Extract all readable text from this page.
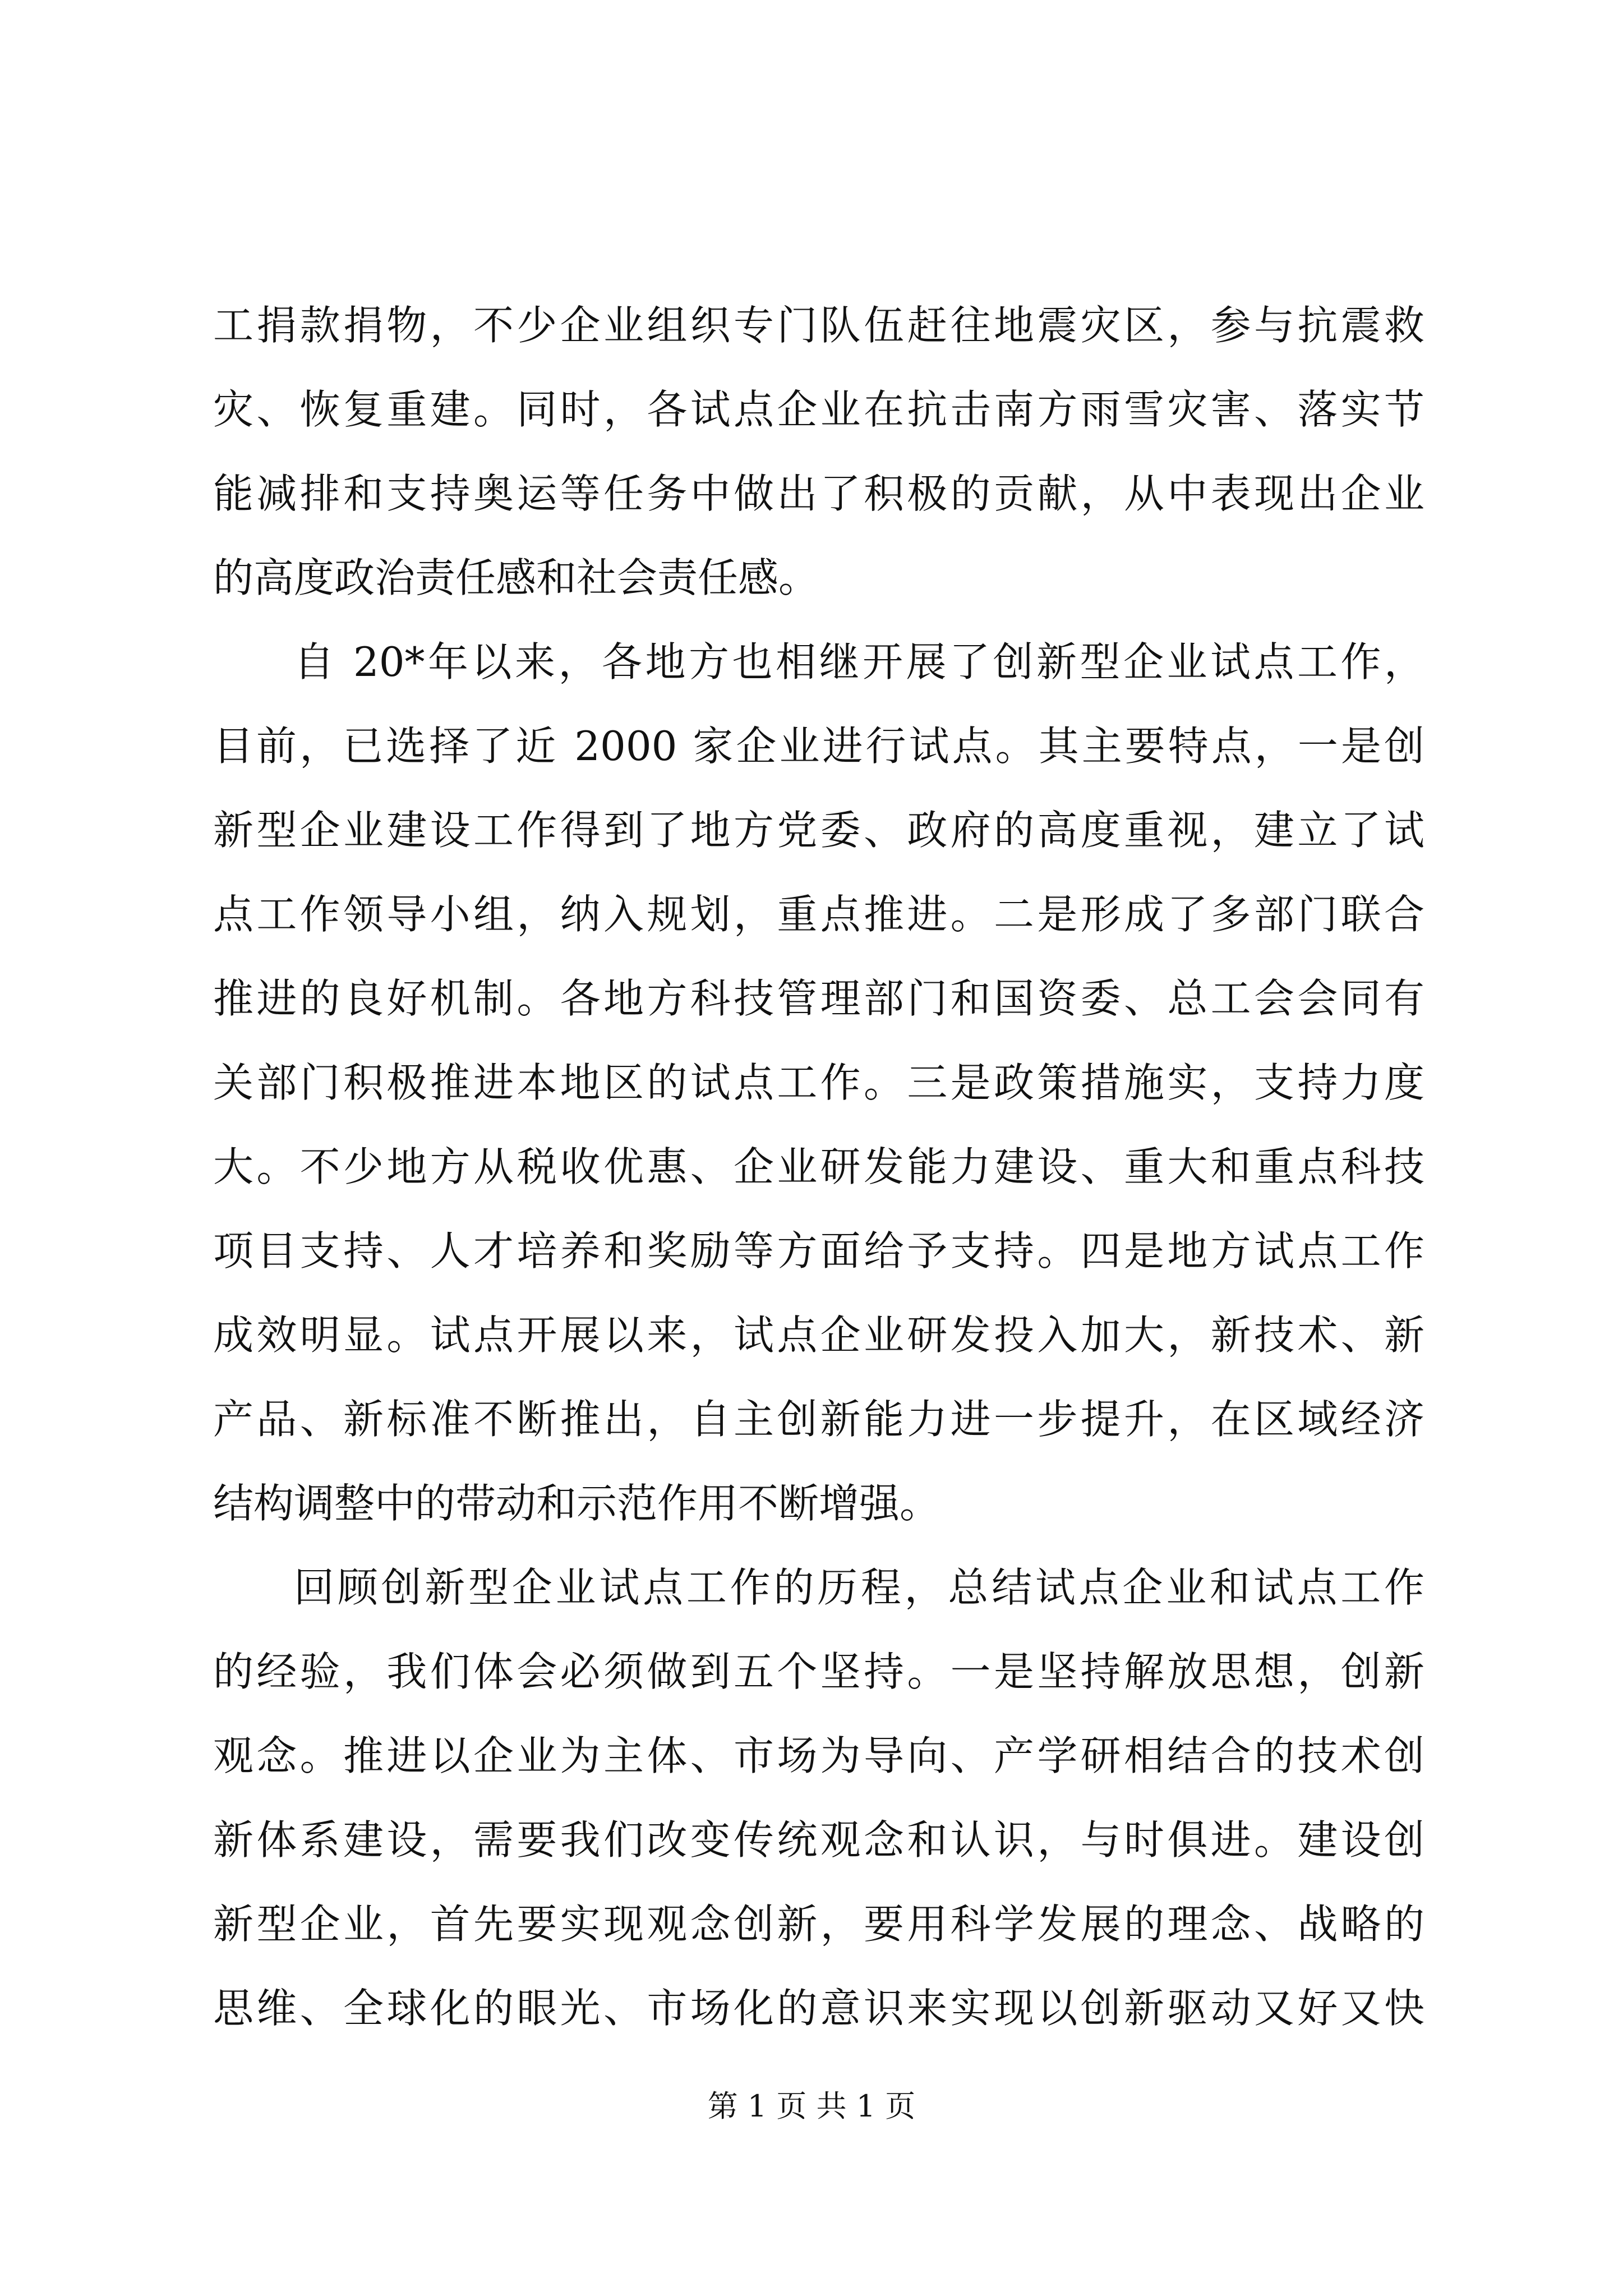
工捐款捐物，不少企业组织专门队伍赶往地震灾区，参与抗震救
灾、恢复重建。同时，各试点企业在抗击南方雨雪灾害、落实节
能减排和支持奥运等任务中做出了积极的贡献，从中表现出企业
的高度政治责任感和社会责任感。
自 20*年以来，各地方也相继开展了创新型企业试点工作，
目前，已选择了近 2000 家企业进行试点。其主要特点，一是创
新型企业建设工作得到了地方党委、政府的高度重视，建立了试
点工作领导小组，纳入规划，重点推进。二是形成了多部门联合
推进的良好机制。各地方科技管理部门和国资委、总工会会同有
关部门积极推进本地区的试点工作。三是政策措施实，支持力度
大。不少地方从税收优惠、企业研发能力建设、重大和重点科技
项目支持、人才培养和奖励等方面给予支持。四是地方试点工作
成效明显。试点开展以来，试点企业研发投入加大，新技术、新
产品、新标准不断推出，自主创新能力进一步提升，在区域经济
结构调整中的带动和示范作用不断增强。
回顾创新型企业试点工作的历程，总结试点企业和试点工作
的经验，我们体会必须做到五个坚持。一是坚持解放思想，创新
观念。推进以企业为主体、市场为导向、产学研相结合的技术创
新体系建设，需要我们改变传统观念和认识，与时俱进。建设创
新型企业，首先要实现观念创新，要用科学发展的理念、战略的
思维、全球化的眼光、市场化的意识来实现以创新驱动又好又快
第 1 页 共 1 页
